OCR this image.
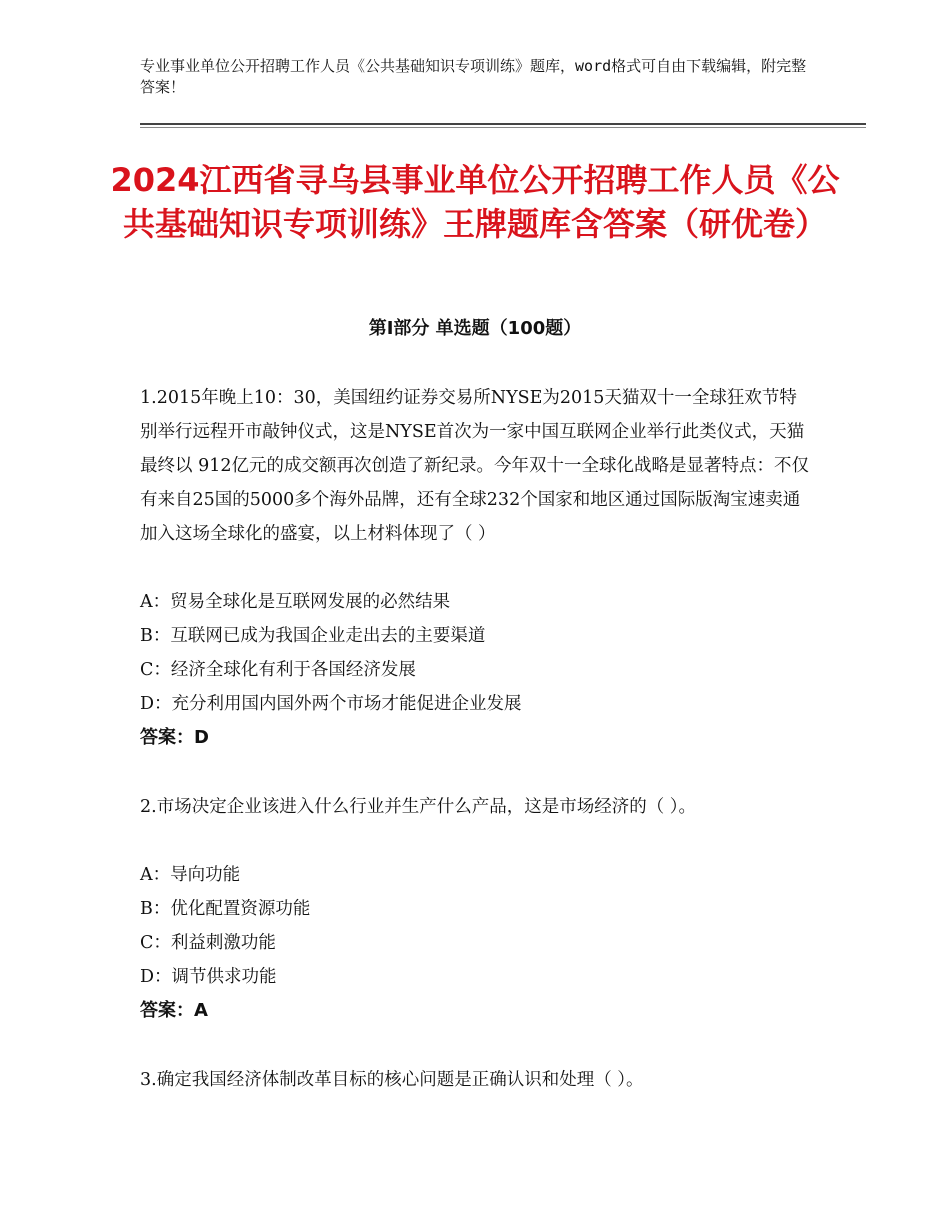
专业事业单位公开招聘工作人员《公共基础知识专项训练》题库，word格式可自由下载编辑，附完整答案！
2024江西省寻乌县事业单位公开招聘工作人员《公共基础知识专项训练》王牌题库含答案（研优卷）
第Ⅰ部分 单选题（100题）
1.2015年晚上10：30，美国纽约证券交易所NYSE为2015天猫双十一全球狂欢节特别举行远程开市敲钟仪式，这是NYSE首次为一家中国互联网企业举行此类仪式，天猫最终以 912亿元的成交额再次创造了新纪录。今年双十一全球化战略是显著特点：不仅有来自25国的5000多个海外品牌，还有全球232个国家和地区通过国际版淘宝速卖通加入这场全球化的盛宴，以上材料体现了（ ）
A：贸易全球化是互联网发展的必然结果
B：互联网已成为我国企业走出去的主要渠道
C：经济全球化有利于各国经济发展
D：充分利用国内国外两个市场才能促进企业发展
答案：D
2.市场决定企业该进入什么行业并生产什么产品，这是市场经济的（ ）。
A：导向功能
B：优化配置资源功能
C：利益刺激功能
D：调节供求功能
答案：A
3.确定我国经济体制改革目标的核心问题是正确认识和处理（ ）。
